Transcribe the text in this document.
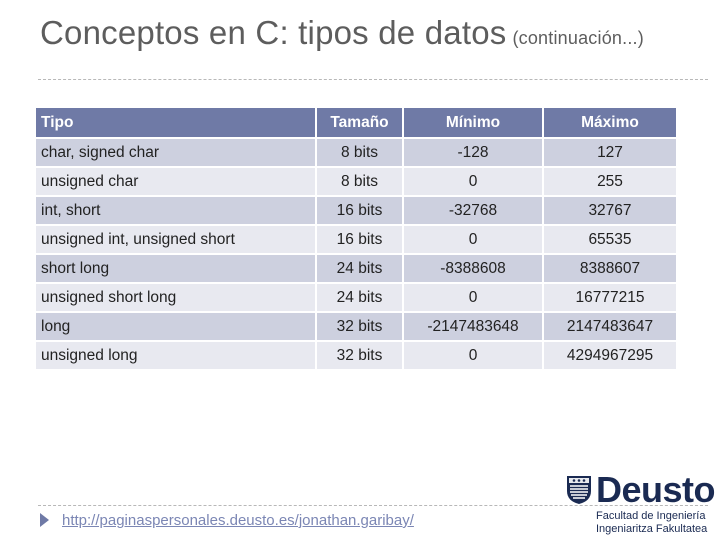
Conceptos en C: tipos de datos (continuación...)
Tipo	Tamaño	Mínimo	Máximo
char, signed char	8 bits	-128	127
unsigned char	8 bits	0	255
int, short	16 bits	-32768	32767
unsigned int, unsigned short	16 bits	0	65535
short long	24 bits	-8388608	8388607
unsigned short long	24 bits	0	16777215
long	32 bits	-2147483648	2147483647
unsigned long	32 bits	0	4294967295
http://paginaspersonales.deusto.es/jonathan.garibay/
Deusto
Facultad de Ingeniería
Ingeniaritza Fakultatea
